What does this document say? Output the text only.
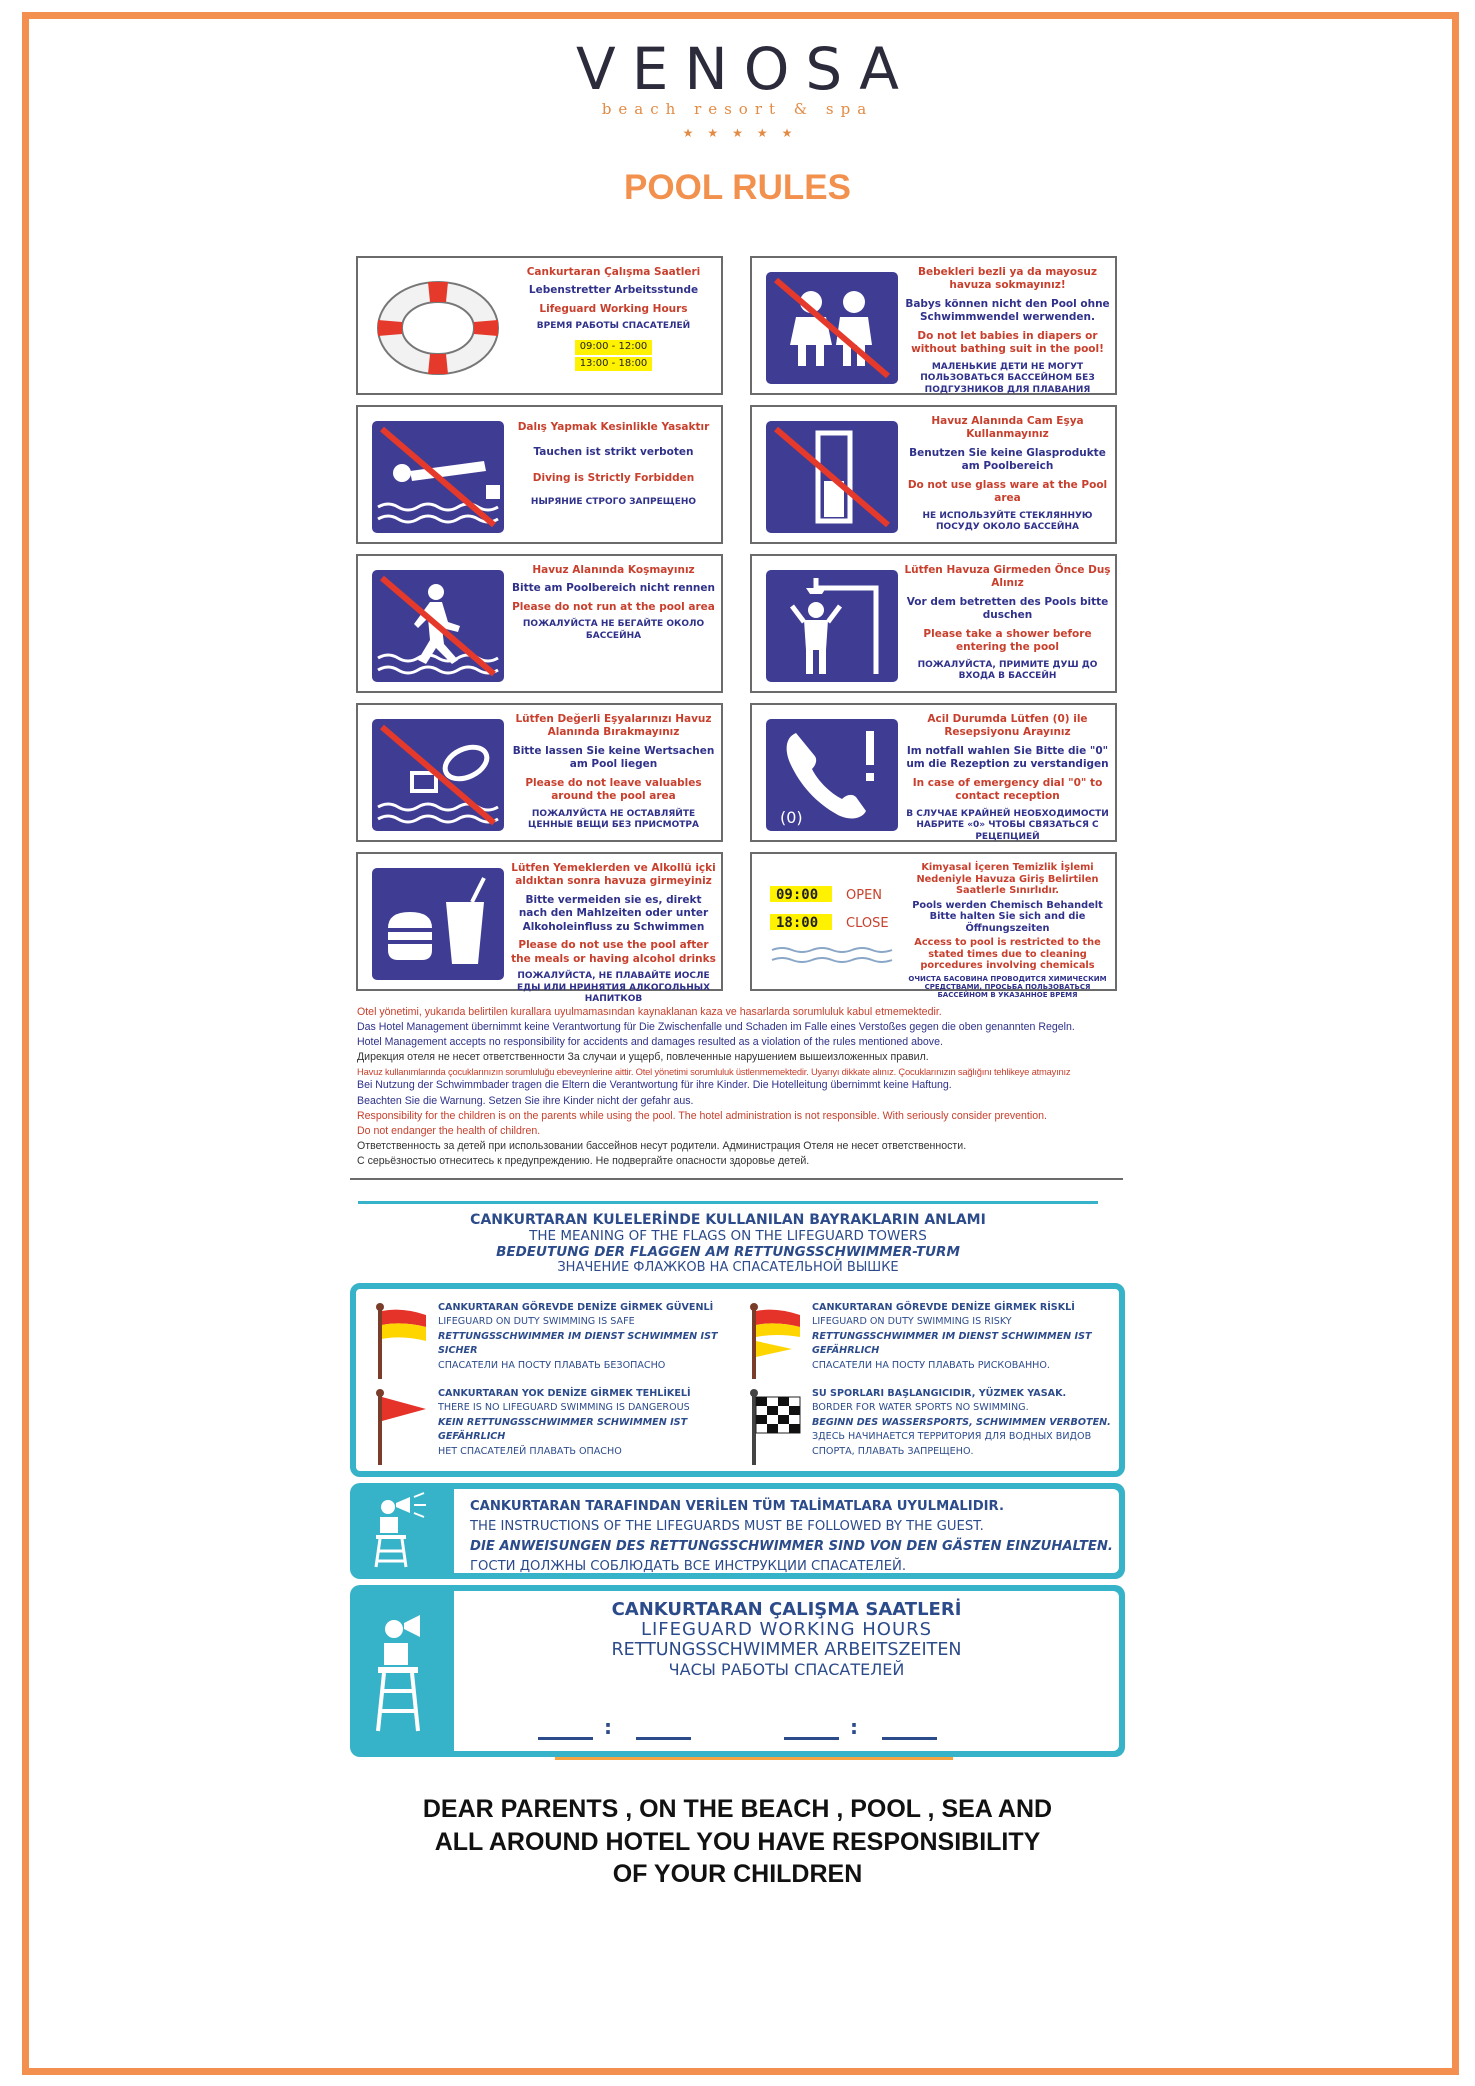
VENOSA
beach resort & spa
★★★★★
POOL RULES
Cankurtaran Çalışma Saatleri
Lebenstretter Arbeitsstunde
Lifeguard Working Hours
ВРЕМЯ РАБОТЫ СПАСАТЕЛЕЙ
09:00 - 12:00
13:00 - 18:00
Bebekleri bezli ya da mayosuz havuza sokmayınız!
Babys können nicht den Pool ohne Schwimmwendel werwenden.
Do not let babies in diapers or without bathing suit in the pool!
МАЛЕНЬКИЕ ДЕТИ НЕ МОГУТ ПОЛЬЗОВАТЬСЯ БАССЕЙНОМ БЕЗ ПОДГУЗНИКОВ ДЛЯ ПЛАВАНИЯ
Dalış Yapmak Kesinlikle Yasaktır
Tauchen ist strikt verboten
Diving is Strictly Forbidden
НЫРЯНИЕ СТРОГО ЗАПРЕЩЕНО
Havuz Alanında Cam Eşya Kullanmayınız
Benutzen Sie keine Glasprodukte am Poolbereich
Do not use glass ware at the Pool area
НЕ ИСПОЛЬЗУЙТЕ СТЕКЛЯННУЮ ПОСУДУ ОКОЛО БАССЕЙНА
Havuz Alanında Koşmayınız
Bitte am Poolbereich nicht rennen
Please do not run at the pool area
ПОЖАЛУЙСТА НЕ БЕГАЙТЕ ОКОЛО БАССЕЙНА
Lütfen Havuza Girmeden Önce Duş Alınız
Vor dem betretten des Pools bitte duschen
Please take a shower before entering the pool
ПОЖАЛУЙСТА, ПРИМИТЕ ДУШ ДО ВХОДА В БАССЕЙН
Lütfen Değerli Eşyalarınızı Havuz Alanında Bırakmayınız
Bitte lassen Sie keine Wertsachen am Pool liegen
Please do not leave valuables around the pool area
ПОЖАЛУЙСТА НЕ ОСТАВЛЯЙТЕ ЦЕННЫЕ ВЕЩИ БЕЗ ПРИСМОТРА	(0)
Acil Durumda Lütfen (0) ile Resepsiyonu Arayınız
Im notfall wahlen Sie Bitte die "0" um die Rezeption zu verstandigen
In case of emergency dial "0" to contact reception
В СЛУЧАЕ КРАЙНЕЙ НЕОБХОДИМОСТИ НАБРИТЕ «0» ЧТОБЫ СВЯЗАТЬСЯ С РЕЦЕПЦИЕЙ
Lütfen Yemeklerden ve Alkollü içki aldıktan sonra havuza girmeyiniz
Bitte vermeiden sie es, direkt nach den Mahlzeiten oder unter Alkoholeinfluss zu Schwimmen
Please do not use the pool after the meals or having alcohol drinks
ПОЖАЛУЙСТА, НЕ ПЛАВАЙТЕ ИОСЛЕ ЕДЫ ИЛИ НРИНЯТИЯ АЛКОГОЛЬНЫХ НАПИТКОВ
09:00 OPEN
18:00 CLOSE
Kimyasal İçeren Temizlik İşlemi Nedeniyle Havuza Giriş Belirtilen Saatlerle Sınırlıdır.
Pools werden Chemisch Behandelt Bitte halten Sie sich and die Öffnungszeiten
Access to pool is restricted to the stated times due to cleaning porcedures involving chemicals
ОЧИСТА БАСОВИНА ПРОВОДИТСЯ ХИМИЧЕСКИМ СРЕДСТВАМИ, ПРОСЬБА ПОЛЬЗОВАТЬСЯ БАССЕЙНОМ В УКАЗАННОЕ ВРЕМЯ
Otel yönetimi, yukarıda belirtilen kurallara uyulmamasından kaynaklanan kaza ve hasarlarda sorumluluk kabul etmemektedir.
Das Hotel Management übernimmt keine Verantwortung für Die Zwischenfalle und Schaden im Falle eines Verstoßes gegen die oben genannten Regeln.
Hotel Management accepts no responsibility for accidents and damages resulted as a violation of the rules mentioned above.
Дирекция отеля не несет ответственности За случаи и ущерб, повлеченные нарушением вышеизложенных правил.
Havuz kullanımlarında çocuklarınızın sorumluluğu ebeveynlerine aittir. Otel yönetimi sorumluluk üstlenmemektedir. Uyarıyı dikkate alınız. Çocuklarınızın sağlığını tehlikeye atmayınız
Bei Nutzung der Schwimmbader tragen die Eltern die Verantwortung für ihre Kinder. Die Hotelleitung übernimmt keine Haftung.
Beachten Sie die Warnung. Setzen Sie ihre Kinder nicht der gefahr aus.
Responsibility for the children is on the parents while using the pool. The hotel administration is not responsible. With seriously consider prevention.
Do not endanger the health of children.
Ответственность за детей при использовании бассейнов несут родители. Администрация Отеля не несет ответственности.
С серьёзностью отнеситесь к предупреждению. Не подвергайте опасности здоровье детей.
CANKURTARAN KULELERİNDE KULLANILAN BAYRAKLARIN ANLAMI
THE MEANING OF THE FLAGS ON THE LIFEGUARD TOWERS
BEDEUTUNG DER FLAGGEN AM RETTUNGSSCHWIMMER-TURM
ЗНАЧЕНИЕ ФЛАЖКОВ НА СПАСАТЕЛЬНОЙ ВЫШКЕ
CANKURTARAN GÖREVDE DENİZE GİRMEK GÜVENLİ
LIFEGUARD ON DUTY SWIMMING IS SAFE
RETTUNGSSCHWIMMER IM DIENST SCHWIMMEN IST SICHER
СПАСАТЕЛИ НА ПОСТУ ПЛАВАТЬ БЕЗОПАСНО
CANKURTARAN GÖREVDE DENİZE GİRMEK RİSKLİ
LIFEGUARD ON DUTY SWIMMING IS RISKY
RETTUNGSSCHWIMMER IM DIENST SCHWIMMEN IST GEFÄHRLICH
СПАСАТЕЛИ НА ПОСТУ ПЛАВАТЬ РИСКОВАННО.
CANKURTARAN YOK DENİZE GİRMEK TEHLİKELİ
THERE IS NO LIFEGUARD SWIMMING IS DANGEROUS
KEIN RETTUNGSSCHWIMMER SCHWIMMEN IST GEFÄHRLICH
НЕТ СПАСАТЕЛЕЙ ПЛАВАТЬ ОПАСНО
SU SPORLARI BAŞLANGICIDIR, YÜZMEK YASAK.
BORDER FOR WATER SPORTS NO SWIMMING.
BEGINN DES WASSERSPORTS, SCHWIMMEN VERBOTEN.
ЗДЕСЬ НАЧИНАЕТСЯ ТЕРРИТОРИЯ ДЛЯ ВОДНЫХ ВИДОВ СПОРТА, ПЛАВАТЬ ЗАПРЕЩЕНО.
CANKURTARAN TARAFINDAN VERİLEN TÜM TALİMATLARA UYULMALIDIR.
THE INSTRUCTIONS OF THE LIFEGUARDS MUST BE FOLLOWED BY THE GUEST.
DIE ANWEISUNGEN DES RETTUNGSSCHWIMMER SIND VON DEN GÄSTEN EINZUHALTEN.
ГОСТИ ДОЛЖНЫ СОБЛЮДАТЬ ВСЕ ИНСТРУКЦИИ СПАСАТЕЛЕЙ.
CANKURTARAN ÇALIŞMA SAATLERİ
LIFEGUARD WORKING HOURS
RETTUNGSSCHWIMMER ARBEITSZEITEN
ЧАСЫ РАБОТЫ СПАСАТЕЛЕЙ
:	:
DEAR PARENTS , ON THE BEACH , POOL , SEA AND
ALL AROUND HOTEL YOU HAVE RESPONSIBILITY
OF YOUR CHILDREN
